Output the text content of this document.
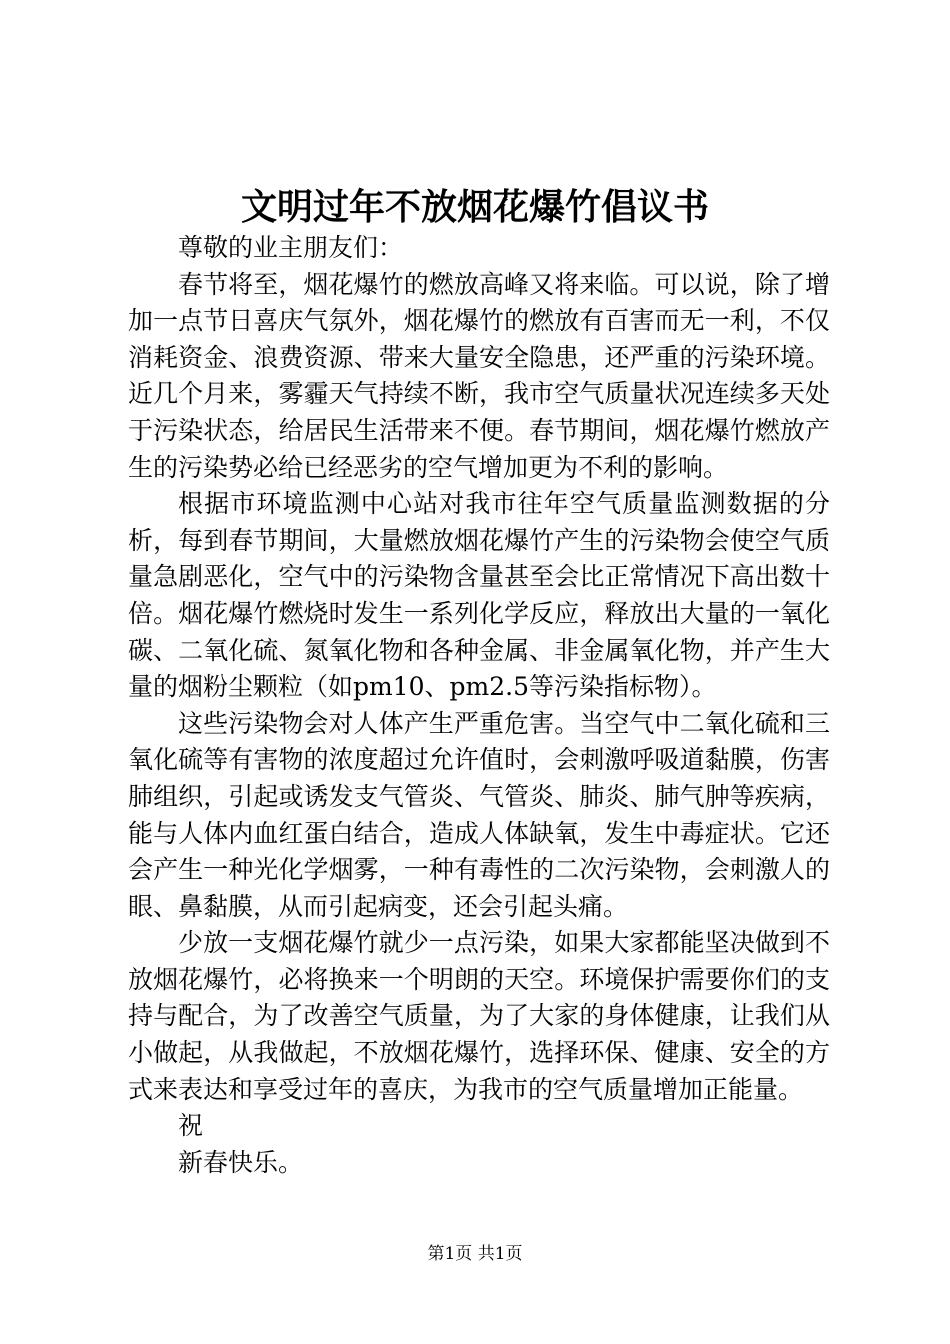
文明过年不放烟花爆竹倡议书

尊敬的业主朋友们：

春节将至，烟花爆竹的燃放高峰又将来临。可以说，除了增加一点节日喜庆气氛外，烟花爆竹的燃放有百害而无一利，不仅消耗资金、浪费资源、带来大量安全隐患，还严重的污染环境。近几个月来，雾霾天气持续不断，我市空气质量状况连续多天处于污染状态，给居民生活带来不便。春节期间，烟花爆竹燃放产生的污染势必给已经恶劣的空气增加更为不利的影响。

根据市环境监测中心站对我市往年空气质量监测数据的分析，每到春节期间，大量燃放烟花爆竹产生的污染物会使空气质量急剧恶化，空气中的污染物含量甚至会比正常情况下高出数十倍。烟花爆竹燃烧时发生一系列化学反应，释放出大量的一氧化碳、二氧化硫、氮氧化物和各种金属、非金属氧化物，并产生大量的烟粉尘颗粒（如pm10、pm2.5等污染指标物）。

这些污染物会对人体产生严重危害。当空气中二氧化硫和三氧化硫等有害物的浓度超过允许值时，会刺激呼吸道黏膜，伤害肺组织，引起或诱发支气管炎、气管炎、肺炎、肺气肿等疾病，能与人体内血红蛋白结合，造成人体缺氧，发生中毒症状。它还会产生一种光化学烟雾，一种有毒性的二次污染物，会刺激人的眼、鼻黏膜，从而引起病变，还会引起头痛。

少放一支烟花爆竹就少一点污染，如果大家都能坚决做到不放烟花爆竹，必将换来一个明朗的天空。环境保护需要你们的支持与配合，为了改善空气质量，为了大家的身体健康，让我们从小做起，从我做起，不放烟花爆竹，选择环保、健康、安全的方式来表达和享受过年的喜庆，为我市的空气质量增加正能量。

祝

新春快乐。

第1页 共1页
